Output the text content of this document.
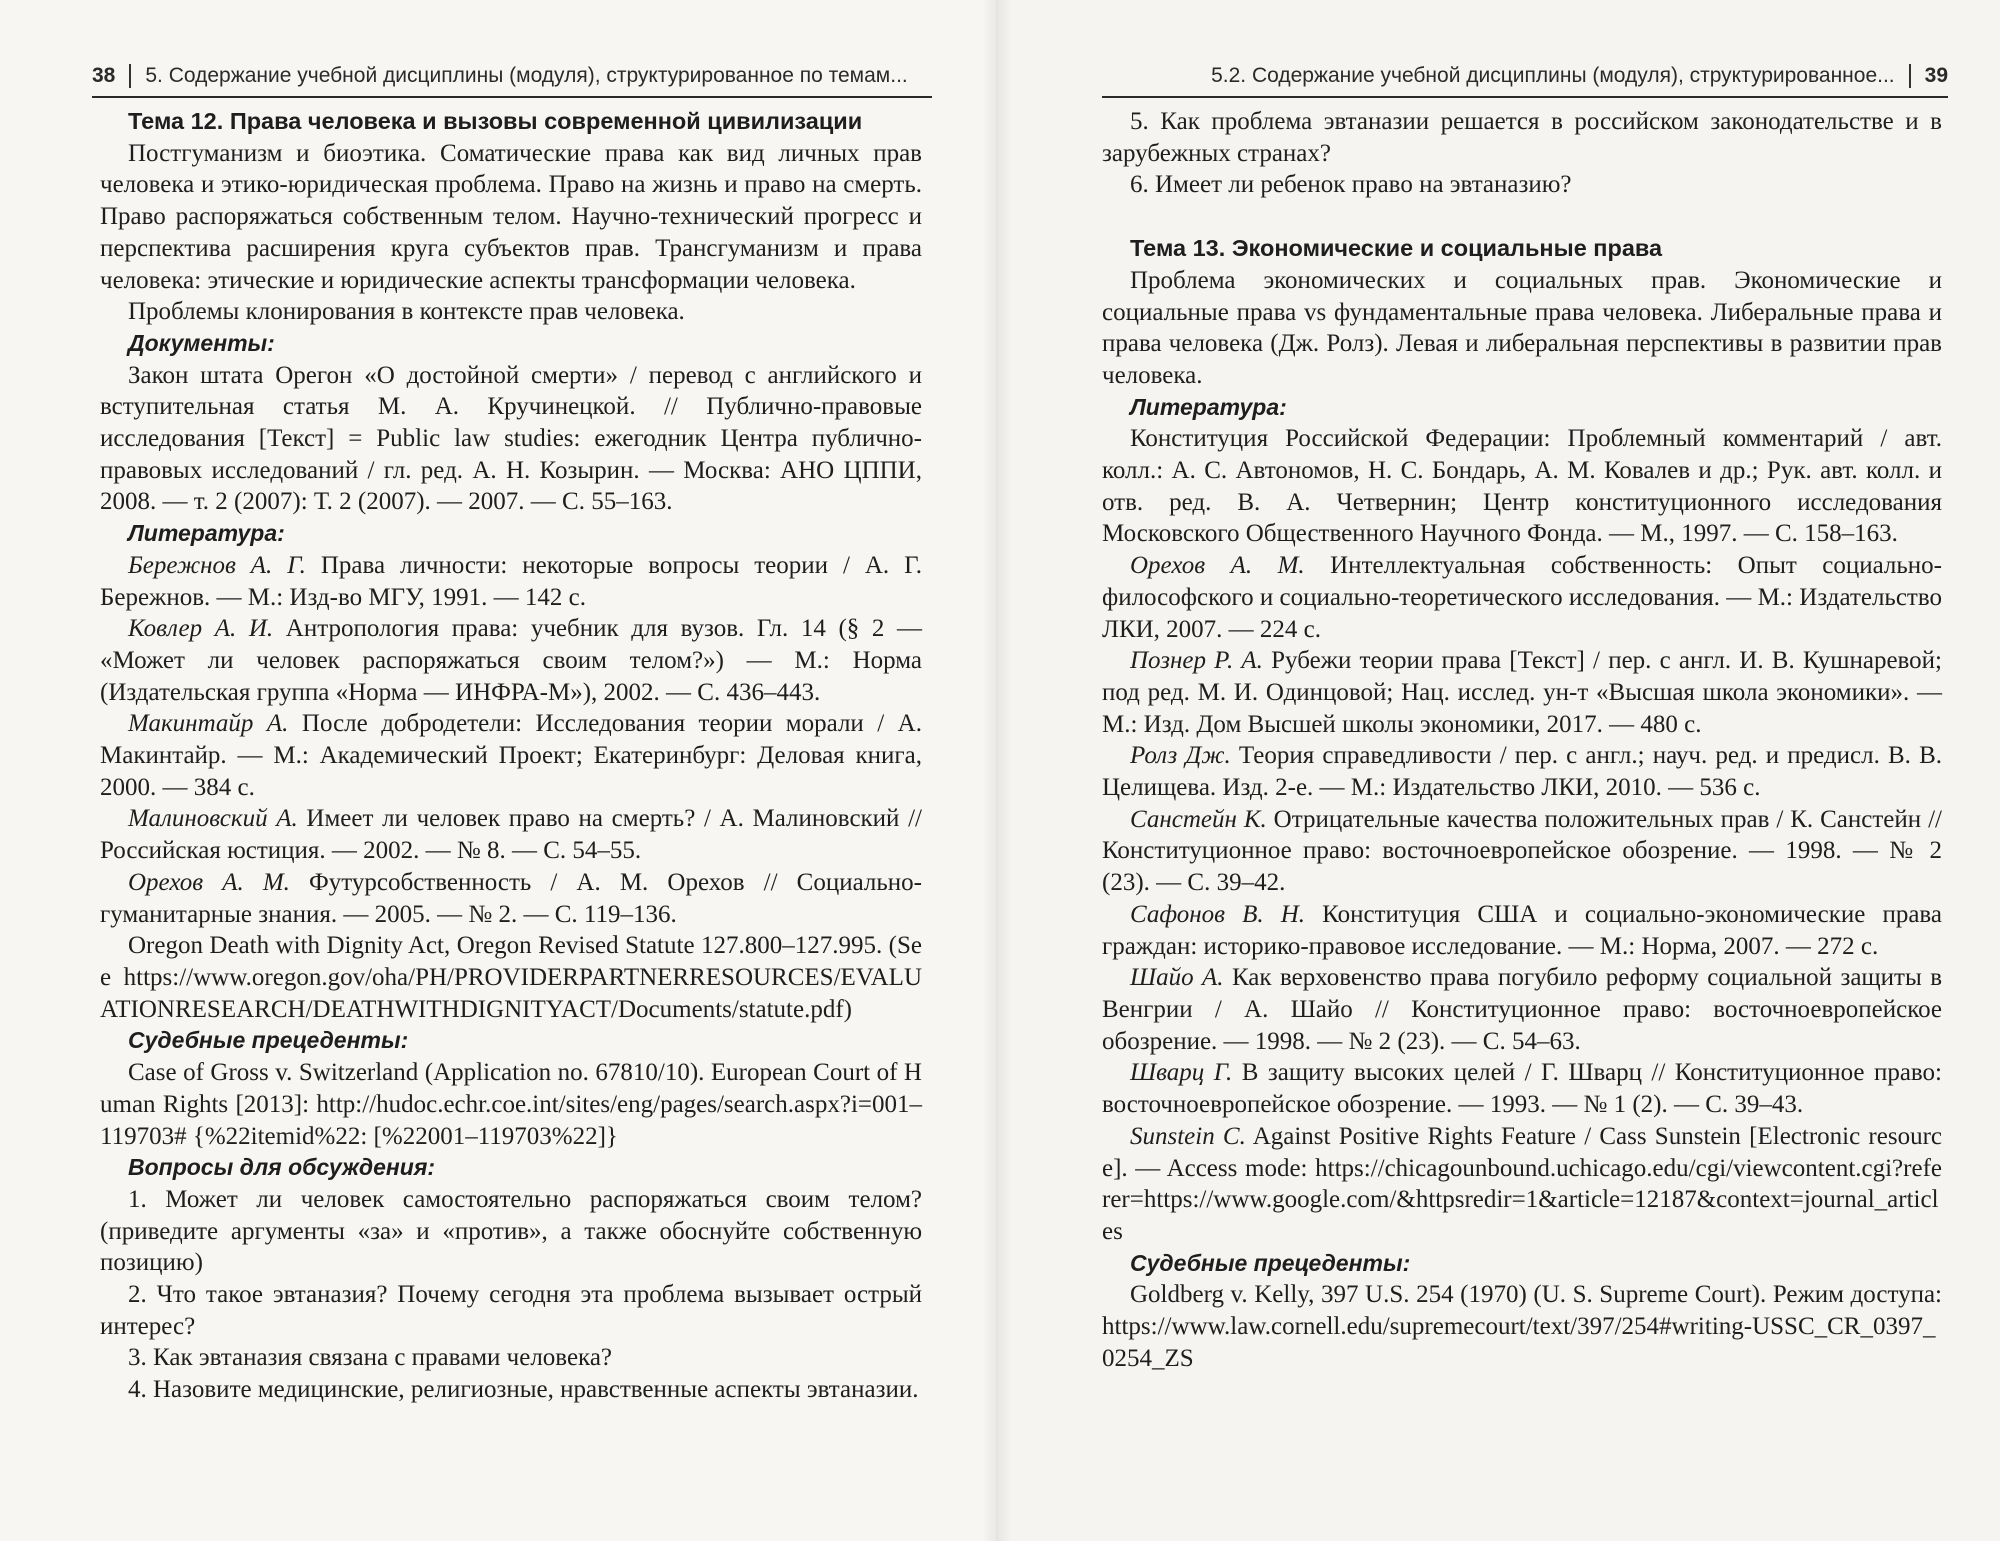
38 5. Содержание учебной дисциплины (модуля), структурированное по темам...

Тема 12. Права человека и вызовы современной цивилизации

Постгуманизм и биоэтика. Соматические права как вид личных прав человека и этико-юридическая проблема. Право на жизнь и право на смерть. Право распоряжаться собственным телом. Научно-технический прогресс и перспектива расширения круга субъектов прав. Трансгуманизм и права человека: этические и юридические аспекты трансформации человека.

Проблемы клонирования в контексте прав человека.

Документы:

Закон штата Орегон «О достойной смерти» / перевод с английского и вступительная статья М. А. Кручинецкой. // Публично-правовые исследования [Текст] = Public law studies: ежегодник Центра публично-правовых исследований / гл. ред. А. Н. Козырин. — Москва: АНО ЦППИ, 2008. — т. 2 (2007): Т. 2 (2007). — 2007. — С. 55–163.

Литература:

Бережнов А. Г. Права личности: некоторые вопросы теории / А. Г. Бережнов. — М.: Изд-во МГУ, 1991. — 142 с.

Ковлер А. И. Антропология права: учебник для вузов. Гл. 14 (§ 2 — «Может ли человек распоряжаться своим телом?») — М.: Норма (Издательская группа «Норма — ИНФРА-М»), 2002. — С. 436–443.

Макинтайр А. После добродетели: Исследования теории морали / А. Макинтайр. — М.: Академический Проект; Екатеринбург: Деловая книга, 2000. — 384 с.

Малиновский А. Имеет ли человек право на смерть? / А. Малиновский // Российская юстиция. — 2002. — № 8. — С. 54–55.

Орехов А. М. Футурсобственность / А. М. Орехов // Социально-гуманитарные знания. — 2005. — № 2. — С. 119–136.

Oregon Death with Dignity Act, Oregon Revised Statute 127.800–127.995. (See https://www.oregon.gov/oha/PH/PROVIDERPARTNERRESOURCES/EVALUATIONRESEARCH/DEATHWITHDIGNITYACT/Documents/statute.pdf)

Судебные прецеденты:

Case of Gross v. Switzerland (Application no. 67810/10). European Court of Human Rights [2013]: http://hudoc.echr.coe.int/sites/eng/pages/search.aspx?i=001–119703# {%22itemid%22: [%22001–119703%22]}

Вопросы для обсуждения:

1. Может ли человек самостоятельно распоряжаться своим телом? (приведите аргументы «за» и «против», а также обоснуйте собственную позицию)

2. Что такое эвтаназия? Почему сегодня эта проблема вызывает острый интерес?

3. Как эвтаназия связана с правами человека?

4. Назовите медицинские, религиозные, нравственные аспекты эвтаназии.

5.2. Содержание учебной дисциплины (модуля), структурированное... 39

5. Как проблема эвтаназии решается в российском законодательстве и в зарубежных странах?

6. Имеет ли ребенок право на эвтаназию?

Тема 13. Экономические и социальные права

Проблема экономических и социальных прав. Экономические и социальные права vs фундаментальные права человека. Либеральные права и права человека (Дж. Ролз). Левая и либеральная перспективы в развитии прав человека.

Литература:

Конституция Российской Федерации: Проблемный комментарий / авт. колл.: А. С. Автономов, Н. С. Бондарь, А. М. Ковалев и др.; Рук. авт. колл. и отв. ред. В. А. Четвернин; Центр конституционного исследования Московского Общественного Научного Фонда. — М., 1997. — С. 158–163.

Орехов А. М. Интеллектуальная собственность: Опыт социально-философского и социально-теоретического исследования. — М.: Издательство ЛКИ, 2007. — 224 с.

Познер Р. А. Рубежи теории права [Текст] / пер. с англ. И. В. Кушнаревой; под ред. М. И. Одинцовой; Нац. исслед. ун-т «Высшая школа экономики». — М.: Изд. Дом Высшей школы экономики, 2017. — 480 с.

Ролз Дж. Теория справедливости / пер. с англ.; науч. ред. и предисл. В. В. Целищева. Изд. 2-е. — М.: Издательство ЛКИ, 2010. — 536 с.

Санстейн К. Отрицательные качества положительных прав / К. Санстейн // Конституционное право: восточноевропейское обозрение. — 1998. — № 2 (23). — С. 39–42.

Сафонов В. Н. Конституция США и социально-экономические права граждан: историко-правовое исследование. — М.: Норма, 2007. — 272 с.

Шайо А. Как верховенство права погубило реформу социальной защиты в Венгрии / А. Шайо // Конституционное право: восточноевропейское обозрение. — 1998. — № 2 (23). — С. 54–63.

Шварц Г. В защиту высоких целей / Г. Шварц // Конституционное право: восточноевропейское обозрение. — 1993. — № 1 (2). — С. 39–43.

Sunstein C. Against Positive Rights Feature / Cass Sunstein [Electronic resource]. — Access mode: https://chicagounbound.uchicago.edu/cgi/viewcontent.cgi?referer=https://www.google.com/&httpsredir=1&article=12187&context=journal_articles

Судебные прецеденты:

Goldberg v. Kelly, 397 U.S. 254 (1970) (U. S. Supreme Court). Режим доступа: https://www.law.cornell.edu/supremecourt/text/397/254#writing-USSC_CR_0397_0254_ZS
